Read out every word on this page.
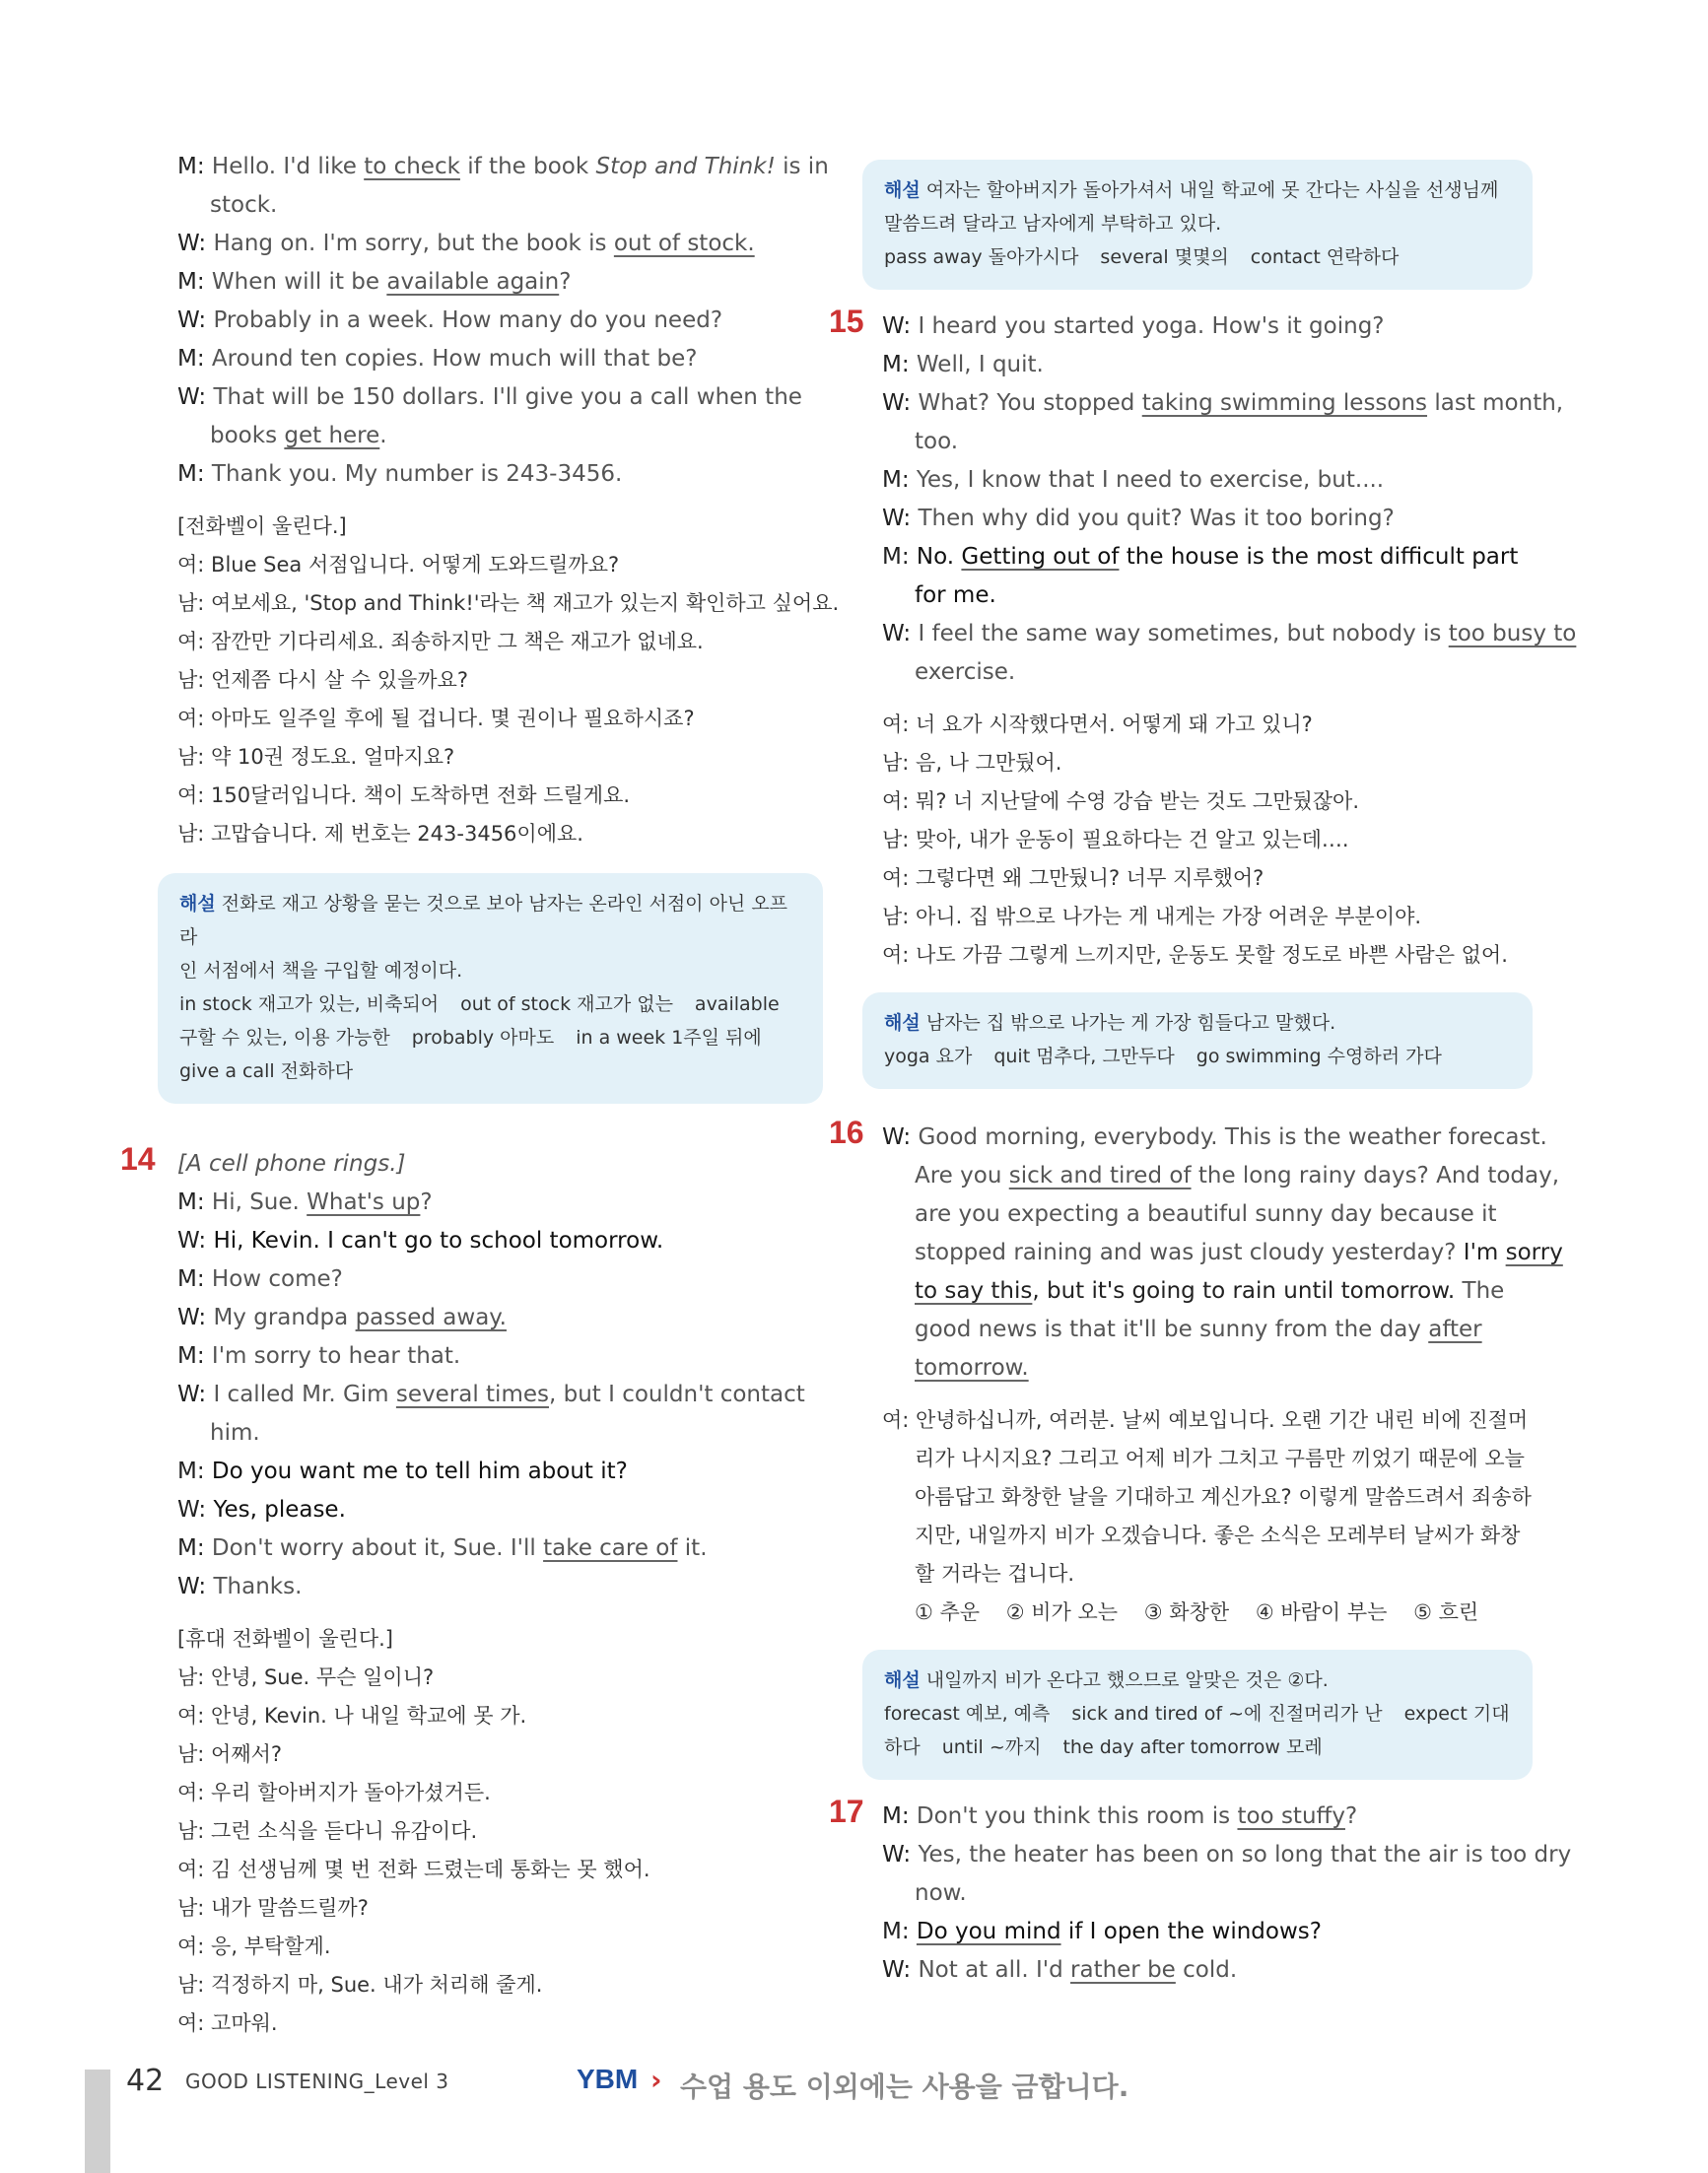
M: Hello. I'd like to check if the book Stop and Think! is in
stock.
W: Hang on. I'm sorry, but the book is out of stock.
M: When will it be available again?
W: Probably in a week. How many do you need?
M: Around ten copies. How much will that be?
W: That will be 150 dollars. I'll give you a call when the
books get here.
M: Thank you. My number is 243-3456.
[전화벨이 울린다.]
여: Blue Sea 서점입니다. 어떻게 도와드릴까요?
남: 여보세요, 'Stop and Think!'라는 책 재고가 있는지 확인하고 싶어요.
여: 잠깐만 기다리세요. 죄송하지만 그 책은 재고가 없네요.
남: 언제쯤 다시 살 수 있을까요?
여: 아마도 일주일 후에 될 겁니다. 몇 권이나 필요하시죠?
남: 약 10권 정도요. 얼마지요?
여: 150달러입니다. 책이 도착하면 전화 드릴게요.
남: 고맙습니다. 제 번호는 243-3456이에요.
해설 전화로 재고 상황을 묻는 것으로 보아 남자는 온라인 서점이 아닌 오프라
인 서점에서 책을 구입할 예정이다.
in stock 재고가 있는, 비축되어 out of stock 재고가 없는 available
구할 수 있는, 이용 가능한 probably 아마도 in a week 1주일 뒤에
give a call 전화하다
14 [A cell phone rings.]
M: Hi, Sue. What's up?
W: Hi, Kevin. I can't go to school tomorrow.
M: How come?
W: My grandpa passed away.
M: I'm sorry to hear that.
W: I called Mr. Gim several times, but I couldn't contact
him.
M: Do you want me to tell him about it?
W: Yes, please.
M: Don't worry about it, Sue. I'll take care of it.
W: Thanks.
[휴대 전화벨이 울린다.]
남: 안녕, Sue. 무슨 일이니?
여: 안녕, Kevin. 나 내일 학교에 못 가.
남: 어째서?
여: 우리 할아버지가 돌아가셨거든.
남: 그런 소식을 듣다니 유감이다.
여: 김 선생님께 몇 번 전화 드렸는데 통화는 못 했어.
남: 내가 말씀드릴까?
여: 응, 부탁할게.
남: 걱정하지 마, Sue. 내가 처리해 줄게.
여: 고마워.
해설 여자는 할아버지가 돌아가셔서 내일 학교에 못 간다는 사실을 선생님께
말씀드려 달라고 남자에게 부탁하고 있다.
pass away 돌아가시다 several 몇몇의 contact 연락하다
15 W: I heard you started yoga. How's it going?
M: Well, I quit.
W: What? You stopped taking swimming lessons last month,
too.
M: Yes, I know that I need to exercise, but....
W: Then why did you quit? Was it too boring?
M: No. Getting out of the house is the most difficult part
for me.
W: I feel the same way sometimes, but nobody is too busy to
exercise.
여: 너 요가 시작했다면서. 어떻게 돼 가고 있니?
남: 음, 나 그만뒀어.
여: 뭐? 너 지난달에 수영 강습 받는 것도 그만뒀잖아.
남: 맞아, 내가 운동이 필요하다는 건 알고 있는데….
여: 그렇다면 왜 그만뒀니? 너무 지루했어?
남: 아니. 집 밖으로 나가는 게 내게는 가장 어려운 부분이야.
여: 나도 가끔 그렇게 느끼지만, 운동도 못할 정도로 바쁜 사람은 없어.
해설 남자는 집 밖으로 나가는 게 가장 힘들다고 말했다.
yoga 요가 quit 멈추다, 그만두다 go swimming 수영하러 가다
16 W: Good morning, everybody. This is the weather forecast.
Are you sick and tired of the long rainy days? And today,
are you expecting a beautiful sunny day because it
stopped raining and was just cloudy yesterday? I'm sorry
to say this, but it's going to rain until tomorrow. The
good news is that it'll be sunny from the day after
tomorrow.
여: 안녕하십니까, 여러분. 날씨 예보입니다. 오랜 기간 내린 비에 진절머
리가 나시지요? 그리고 어제 비가 그치고 구름만 끼었기 때문에 오늘
아름답고 화창한 날을 기대하고 계신가요? 이렇게 말씀드려서 죄송하
지만, 내일까지 비가 오겠습니다. 좋은 소식은 모레부터 날씨가 화창
할 거라는 겁니다.
① 추운 ② 비가 오는 ③ 화창한 ④ 바람이 부는 ⑤ 흐린
해설 내일까지 비가 온다고 했으므로 알맞은 것은 ②다.
forecast 예보, 예측 sick and tired of ~에 진절머리가 난 expect 기대
하다 until ~까지 the day after tomorrow 모레
17 M: Don't you think this room is too stuffy?
W: Yes, the heater has been on so long that the air is too dry
now.
M: Do you mind if I open the windows?
W: Not at all. I'd rather be cold.
42 GOOD LISTENING_Level 3	YBM › 수업 용도 이외에는 사용을 금합니다.
